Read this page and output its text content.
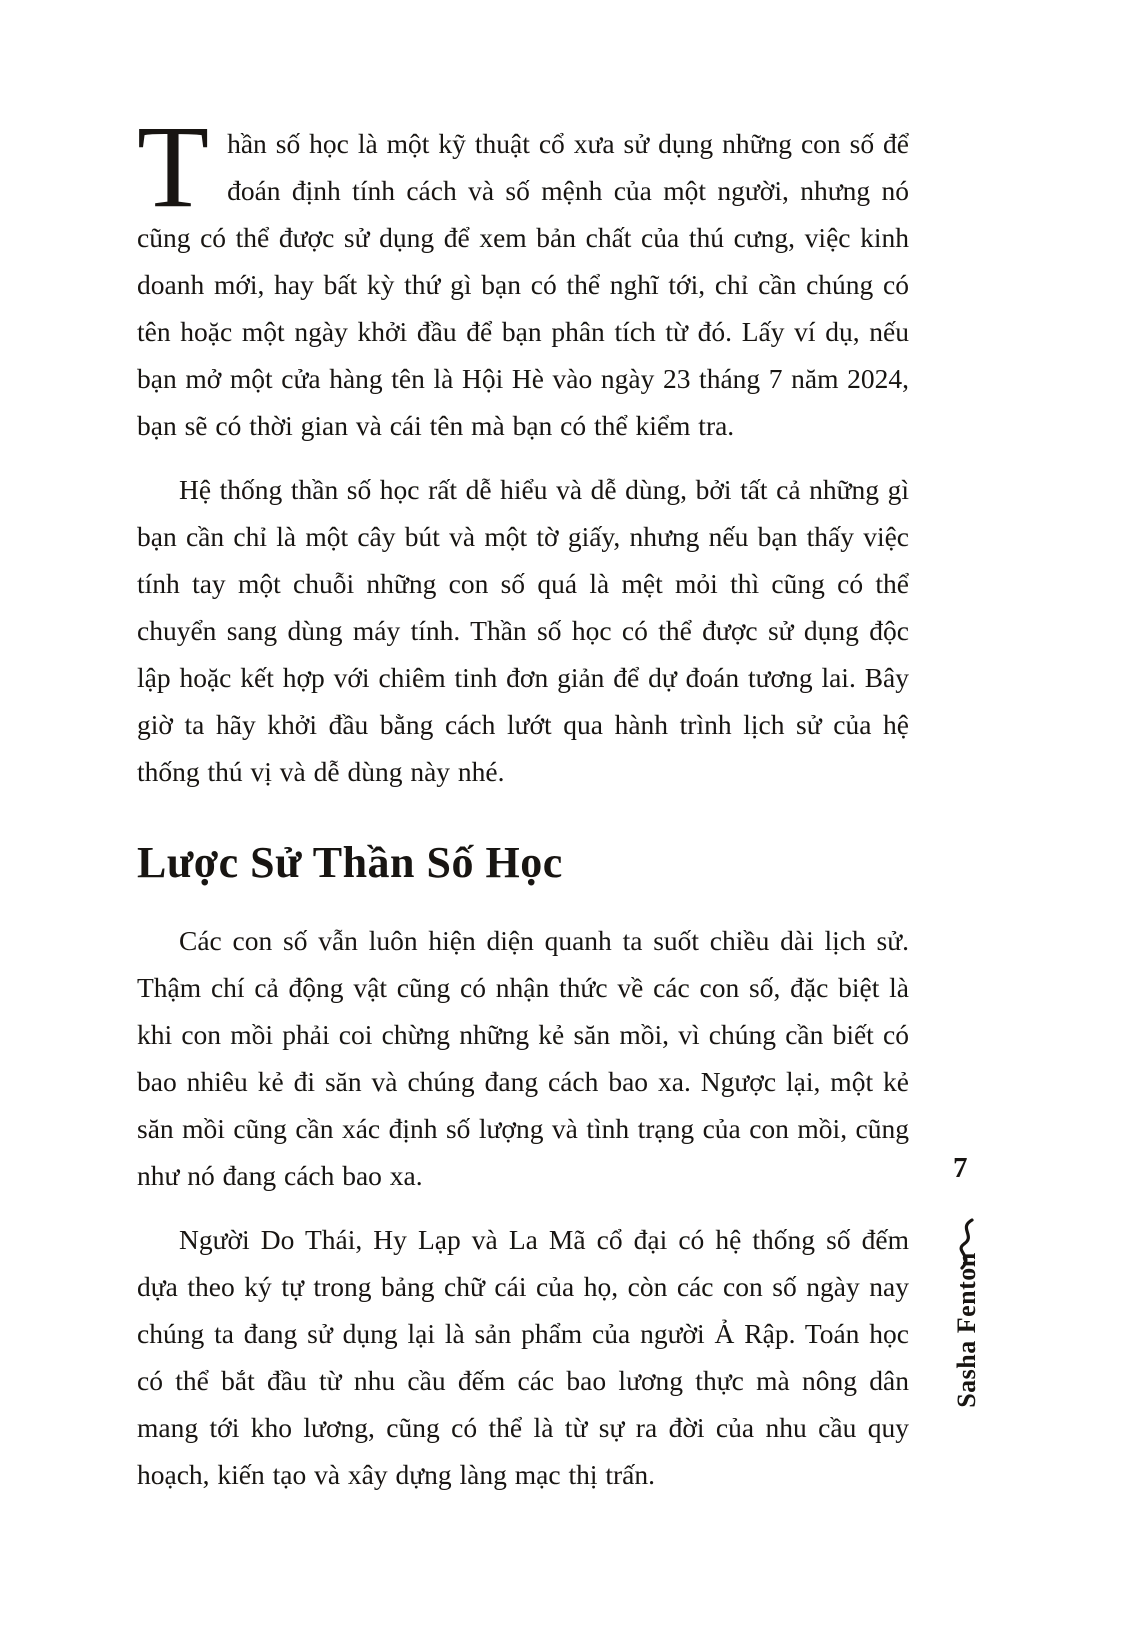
Thần số học là một kỹ thuật cổ xưa sử dụng những con số để đoán định tính cách và số mệnh của một người, nhưng nó cũng có thể được sử dụng để xem bản chất của thú cưng, việc kinh doanh mới, hay bất kỳ thứ gì bạn có thể nghĩ tới, chỉ cần chúng có tên hoặc một ngày khởi đầu để bạn phân tích từ đó. Lấy ví dụ, nếu bạn mở một cửa hàng tên là Hội Hè vào ngày 23 tháng 7 năm 2024, bạn sẽ có thời gian và cái tên mà bạn có thể kiểm tra.

Hệ thống thần số học rất dễ hiểu và dễ dùng, bởi tất cả những gì bạn cần chỉ là một cây bút và một tờ giấy, nhưng nếu bạn thấy việc tính tay một chuỗi những con số quá là mệt mỏi thì cũng có thể chuyển sang dùng máy tính. Thần số học có thể được sử dụng độc lập hoặc kết hợp với chiêm tinh đơn giản để dự đoán tương lai. Bây giờ ta hãy khởi đầu bằng cách lướt qua hành trình lịch sử của hệ thống thú vị và dễ dùng này nhé.

Lược Sử Thần Số Học

Các con số vẫn luôn hiện diện quanh ta suốt chiều dài lịch sử. Thậm chí cả động vật cũng có nhận thức về các con số, đặc biệt là khi con mồi phải coi chừng những kẻ săn mồi, vì chúng cần biết có bao nhiêu kẻ đi săn và chúng đang cách bao xa. Ngược lại, một kẻ săn mồi cũng cần xác định số lượng và tình trạng của con mồi, cũng như nó đang cách bao xa.

Người Do Thái, Hy Lạp và La Mã cổ đại có hệ thống số đếm dựa theo ký tự trong bảng chữ cái của họ, còn các con số ngày nay chúng ta đang sử dụng lại là sản phẩm của người Ả Rập. Toán học có thể bắt đầu từ nhu cầu đếm các bao lương thực mà nông dân mang tới kho lương, cũng có thể là từ sự ra đời của nhu cầu quy hoạch, kiến tạo và xây dựng làng mạc thị trấn.

7
Sasha Fenton
